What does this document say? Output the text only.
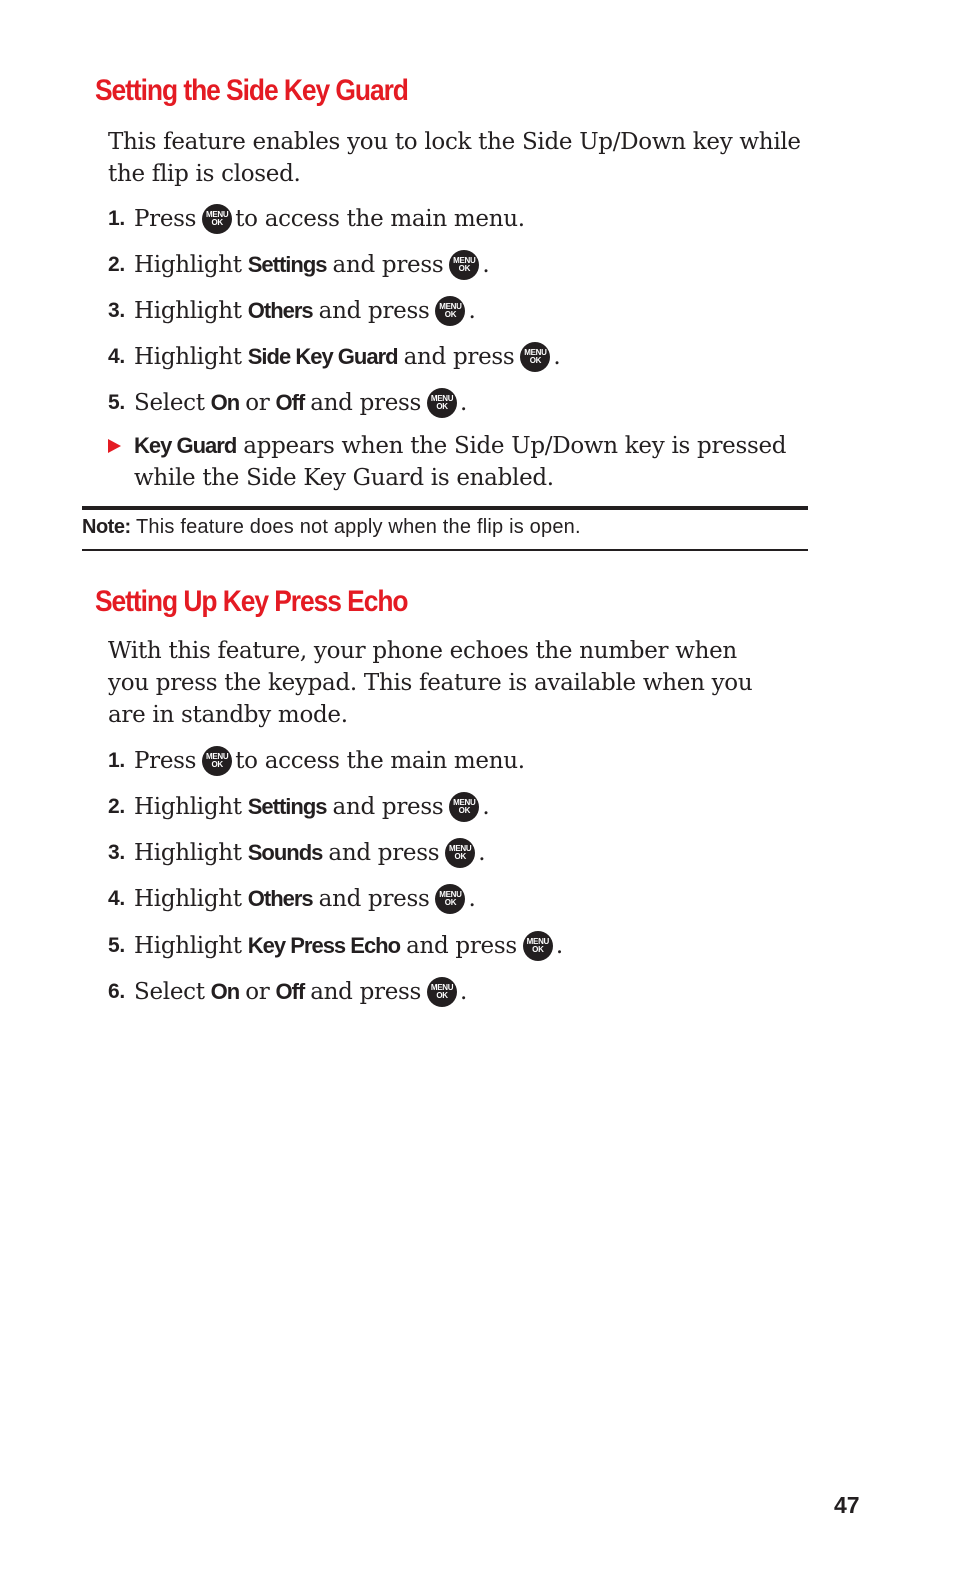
Setting the Side Key Guard

This feature enables you to lock the Side Up/Down key while the flip is closed.

1. Press MENU
OK to access the main menu.
2. Highlight Settings and press MENU
OK .
3. Highlight Others and press MENU
OK .
4. Highlight Side Key Guard and press MENU
OK .
5. Select On or Off and press MENU
OK .
Key Guard appears when the Side Up/Down key is pressed while the Side Key Guard is enabled.
Note: This feature does not apply when the flip is open.
Setting Up Key Press Echo

With this feature, your phone echoes the number when you press the keypad. This feature is available when you are in standby mode.

1. Press MENU
OK to access the main menu.
2. Highlight Settings and press MENU
OK .
3. Highlight Sounds and press MENU
OK .
4. Highlight Others and press MENU
OK .
5. Highlight Key Press Echo and press MENU
OK .
6. Select On or Off and press MENU
OK .
47
